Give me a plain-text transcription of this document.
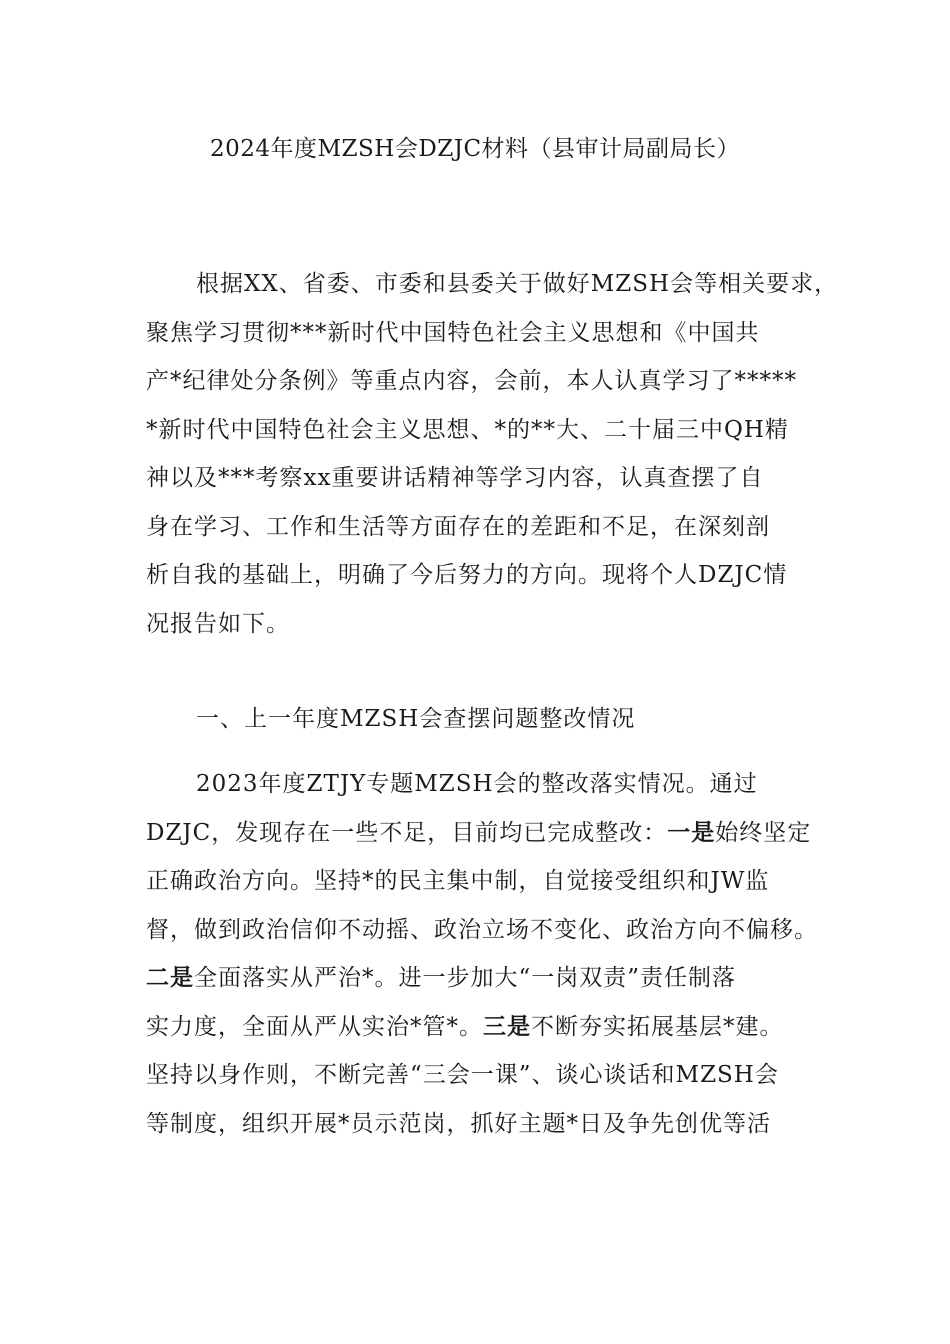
2024年度MZSH会DZJC材料（县审计局副局长）
根据XX、省委、市委和县委关于做好MZSH会等相关要求，
聚焦学习贯彻***新时代中国特色社会主义思想和《中国共
产*纪律处分条例》等重点内容，会前，本人认真学习了*****
*新时代中国特色社会主义思想、*的**大、二十届三中QH精
神以及***考察xx重要讲话精神等学习内容，认真查摆了自
身在学习、工作和生活等方面存在的差距和不足，在深刻剖
析自我的基础上，明确了今后努力的方向。现将个人DZJC情
况报告如下。
一、上一年度MZSH会查摆问题整改情况
2023年度ZTJY专题MZSH会的整改落实情况。通过
DZJC，发现存在一些不足，目前均已完成整改：一是始终坚定
正确政治方向。坚持*的民主集中制，自觉接受组织和JW监
督，做到政治信仰不动摇、政治立场不变化、政治方向不偏移。
二是全面落实从严治*。进一步加大“一岗双责”责任制落
实力度，全面从严从实治*管*。三是不断夯实拓展基层*建。
坚持以身作则，不断完善“三会一课”、谈心谈话和MZSH会
等制度，组织开展*员示范岗，抓好主题*日及争先创优等活
